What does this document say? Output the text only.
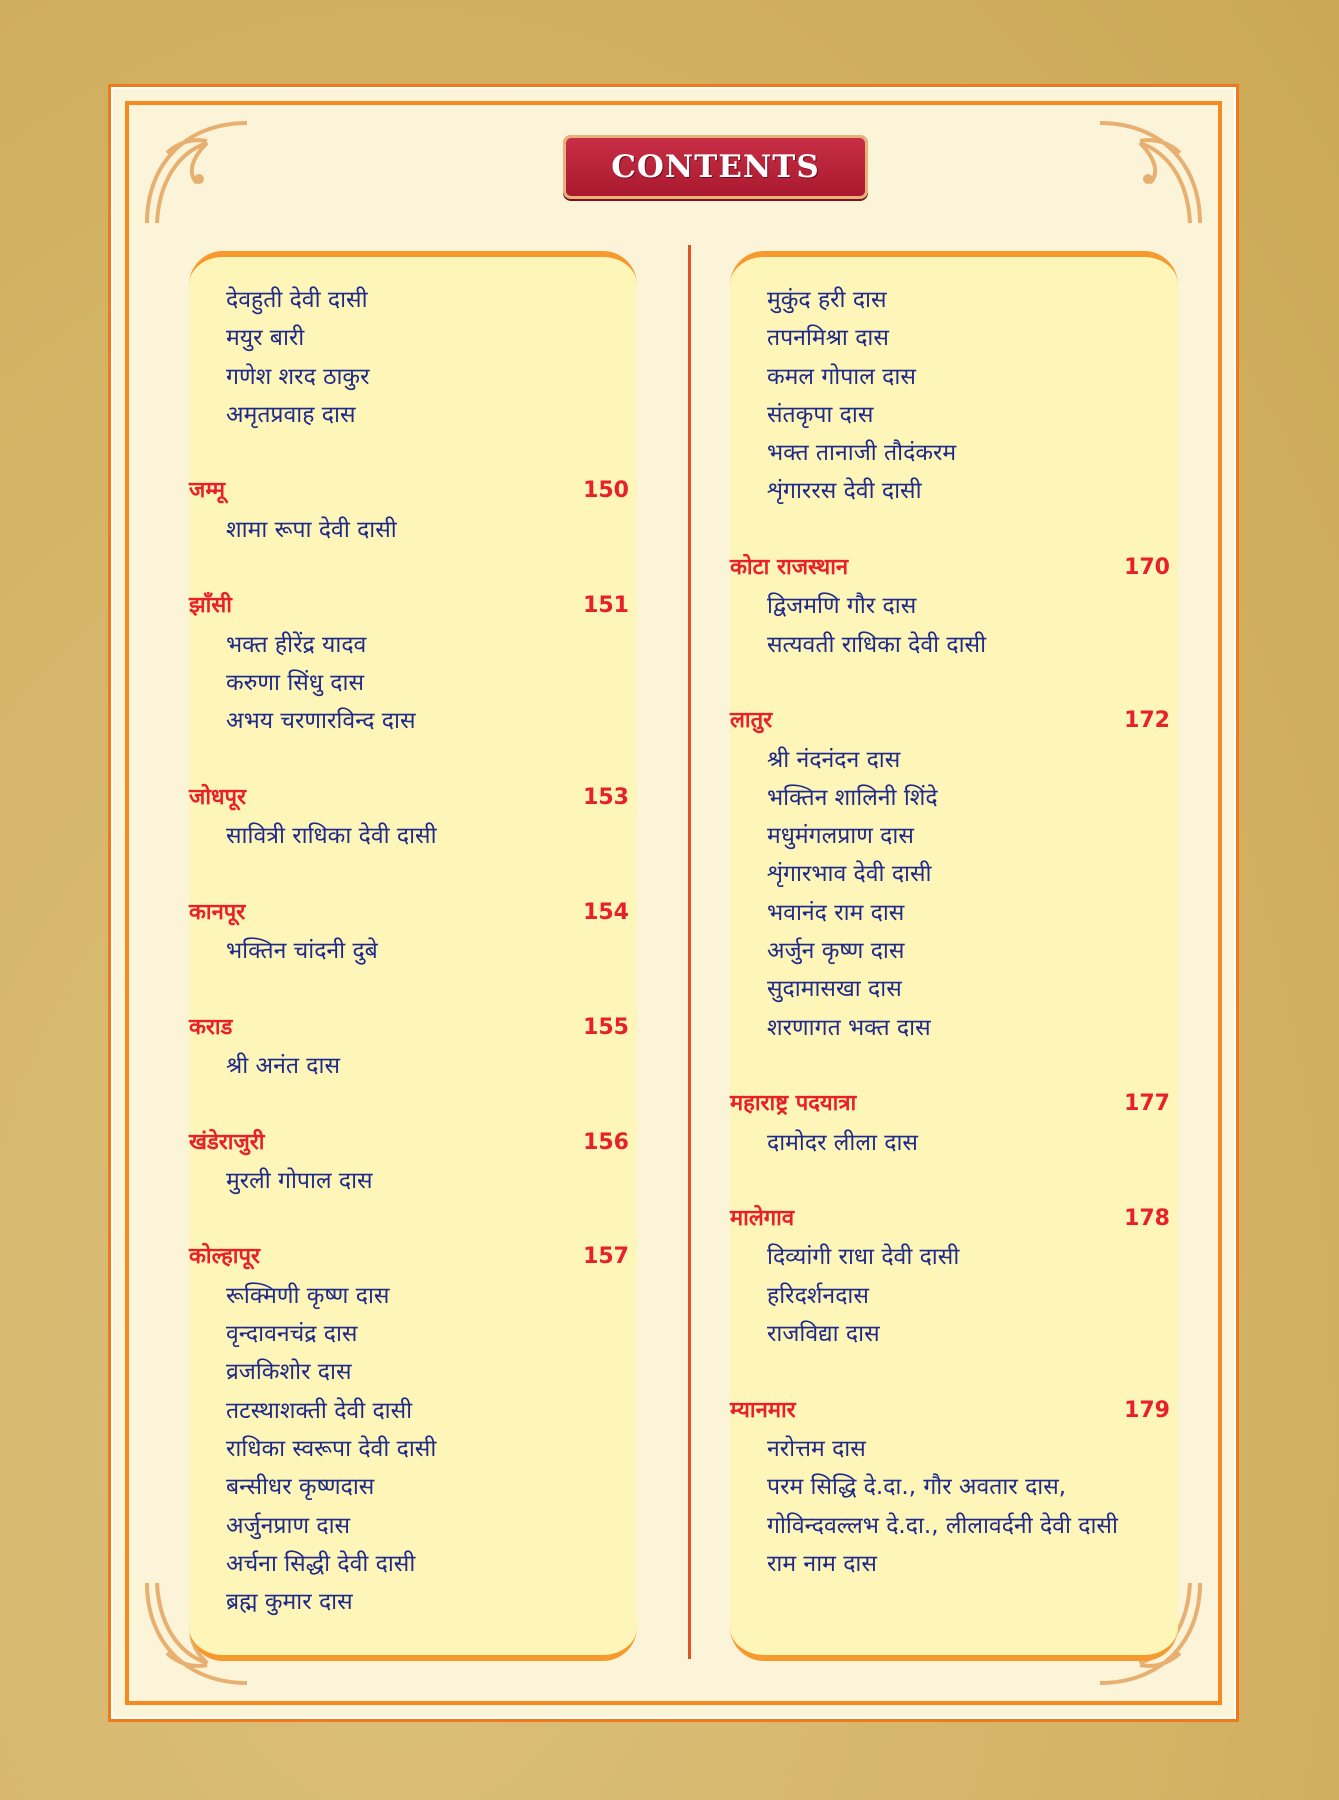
CONTENTS
देवहुती देवी दासी
मयुर बारी
गणेश शरद ठाकुर
अमृतप्रवाह दास
जम्मू	150
शामा रूपा देवी दासी
झाँसी	151
भक्त हीरेंद्र यादव
करुणा सिंधु दास
अभय चरणारविन्द दास
जोधपूर	153
सावित्री राधिका देवी दासी
कानपूर	154
भक्तिन चांदनी दुबे
कराड	155
श्री अनंत दास
खंडेराजुरी	156
मुरली गोपाल दास
कोल्हापूर	157
रूक्मिणी कृष्ण दास
वृन्दावनचंद्र दास
व्रजकिशोर दास
तटस्थाशक्ती देवी दासी
राधिका स्वरूपा देवी दासी
बन्सीधर कृष्णदास
अर्जुनप्राण दास
अर्चना सिद्धी देवी दासी
ब्रह्म कुमार दास
मुकुंद हरी दास
तपनमिश्रा दास
कमल गोपाल दास
संतकृपा दास
भक्त तानाजी तौदंकरम
शृंगाररस देवी दासी
कोटा राजस्थान	170
द्विजमणि गौर दास
सत्यवती राधिका देवी दासी
लातुर	172
श्री नंदनंदन दास
भक्तिन शालिनी शिंदे
मधुमंगलप्राण दास
शृंगारभाव देवी दासी
भवानंद राम दास
अर्जुन कृष्ण दास
सुदामासखा दास
शरणागत भक्त दास
महाराष्ट्र पदयात्रा	177
दामोदर लीला दास
मालेगाव	178
दिव्यांगी राधा देवी दासी
हरिदर्शनदास
राजविद्या दास
म्यानमार	179
नरोत्तम दास
परम सिद्धि दे.दा., गौर अवतार दास,
गोविन्दवल्लभ दे.दा., लीलावर्दनी देवी दासी
राम नाम दास
